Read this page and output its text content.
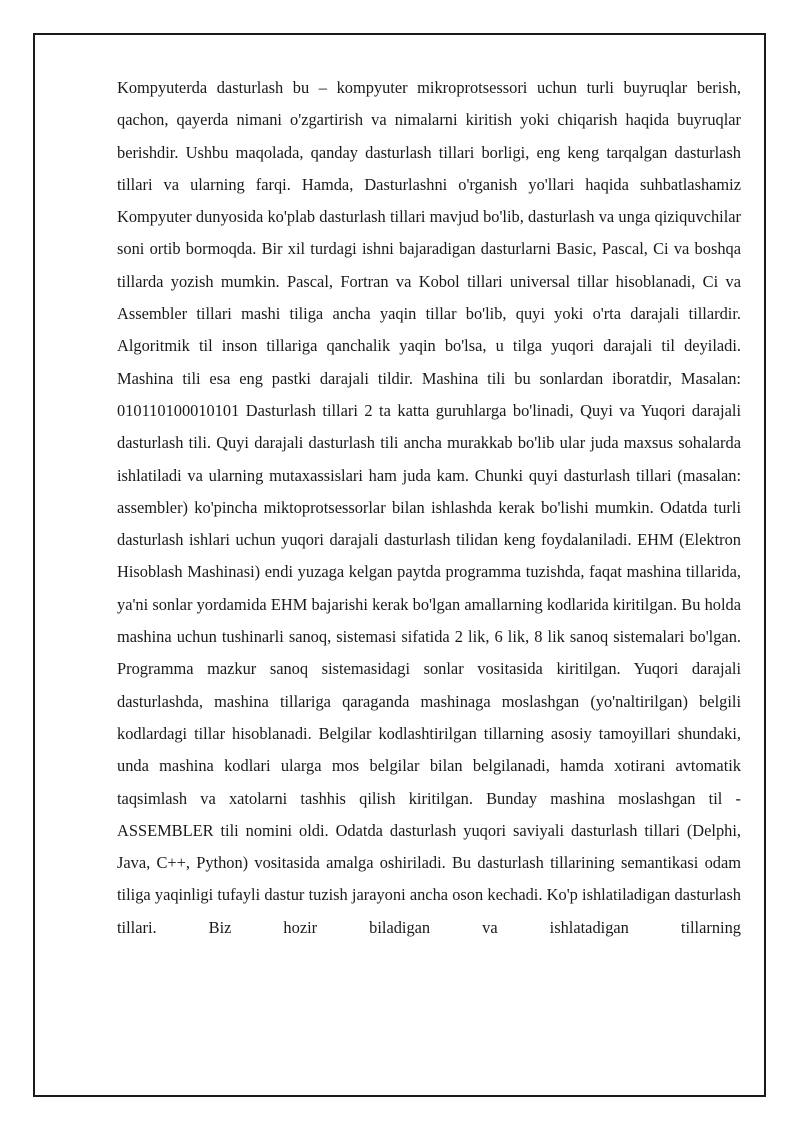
Kompyuterda dasturlash bu – kompyuter mikroprotsessori uchun turli buyruqlar berish, qachon, qayerda nimani o'zgartirish va nimalarni kiritish yoki chiqarish haqida buyruqlar berishdir. Ushbu maqolada, qanday dasturlash tillari borligi, eng keng tarqalgan dasturlash tillari va ularning farqi. Hamda, Dasturlashni o'rganish yo'llari haqida suhbatlashamiz Kompyuter dunyosida ko'plab dasturlash tillari mavjud bo'lib, dasturlash va unga qiziquvchilar soni ortib bormoqda. Bir xil turdagi ishni bajaradigan dasturlarni Basic, Pascal, Ci va boshqa tillarda yozish mumkin. Pascal, Fortran va Kobol tillari universal tillar hisoblanadi, Ci va Assembler tillari mashi tiliga ancha yaqin tillar bo'lib, quyi yoki o'rta darajali tillardir. Algoritmik til inson tillariga qanchalik yaqin bo'lsa, u tilga yuqori darajali til deyiladi. Mashina tili esa eng pastki darajali tildir. Mashina tili bu sonlardan iboratdir, Masalan: 010110100010101 Dasturlash tillari 2 ta katta guruhlarga bo'linadi, Quyi va Yuqori darajali dasturlash tili. Quyi darajali dasturlash tili ancha murakkab bo'lib ular juda maxsus sohalarda ishlatiladi va ularning mutaxassislari ham juda kam. Chunki quyi dasturlash tillari (masalan: assembler) ko'pincha miktoprotsessorlar bilan ishlashda kerak bo'lishi mumkin. Odatda turli dasturlash ishlari uchun yuqori darajali dasturlash tilidan keng foydalaniladi. EHM (Elektron Hisoblash Mashinasi) endi yuzaga kelgan paytda programma tuzishda, faqat mashina tillarida, ya'ni sonlar yordamida EHM bajarishi kerak bo'lgan amallarning kodlarida kiritilgan. Bu holda mashina uchun tushinarli sanoq, sistemasi sifatida 2 lik, 6 lik, 8 lik sanoq sistemalari bo'lgan. Programma mazkur sanoq sistemasidagi sonlar vositasida kiritilgan. Yuqori darajali dasturlashda, mashina tillariga qaraganda mashinaga moslashgan (yo'naltirilgan) belgili kodlardagi tillar hisoblanadi. Belgilar kodlashtirilgan tillarning asosiy tamoyillari shundaki, unda mashina kodlari ularga mos belgilar bilan belgilanadi, hamda xotirani avtomatik taqsimlash va xatolarni tashhis qilish kiritilgan. Bunday mashina moslashgan til - ASSEMBLER tili nomini oldi. Odatda dasturlash yuqori saviyali dasturlash tillari (Delphi, Java, C++, Python) vositasida amalga oshiriladi. Bu dasturlash tillarining semantikasi odam tiliga yaqinligi tufayli dastur tuzish jarayoni ancha oson kechadi. Ko'p ishlatiladigan dasturlash tillari. Biz hozir biladigan va ishlatadigan tillarning
